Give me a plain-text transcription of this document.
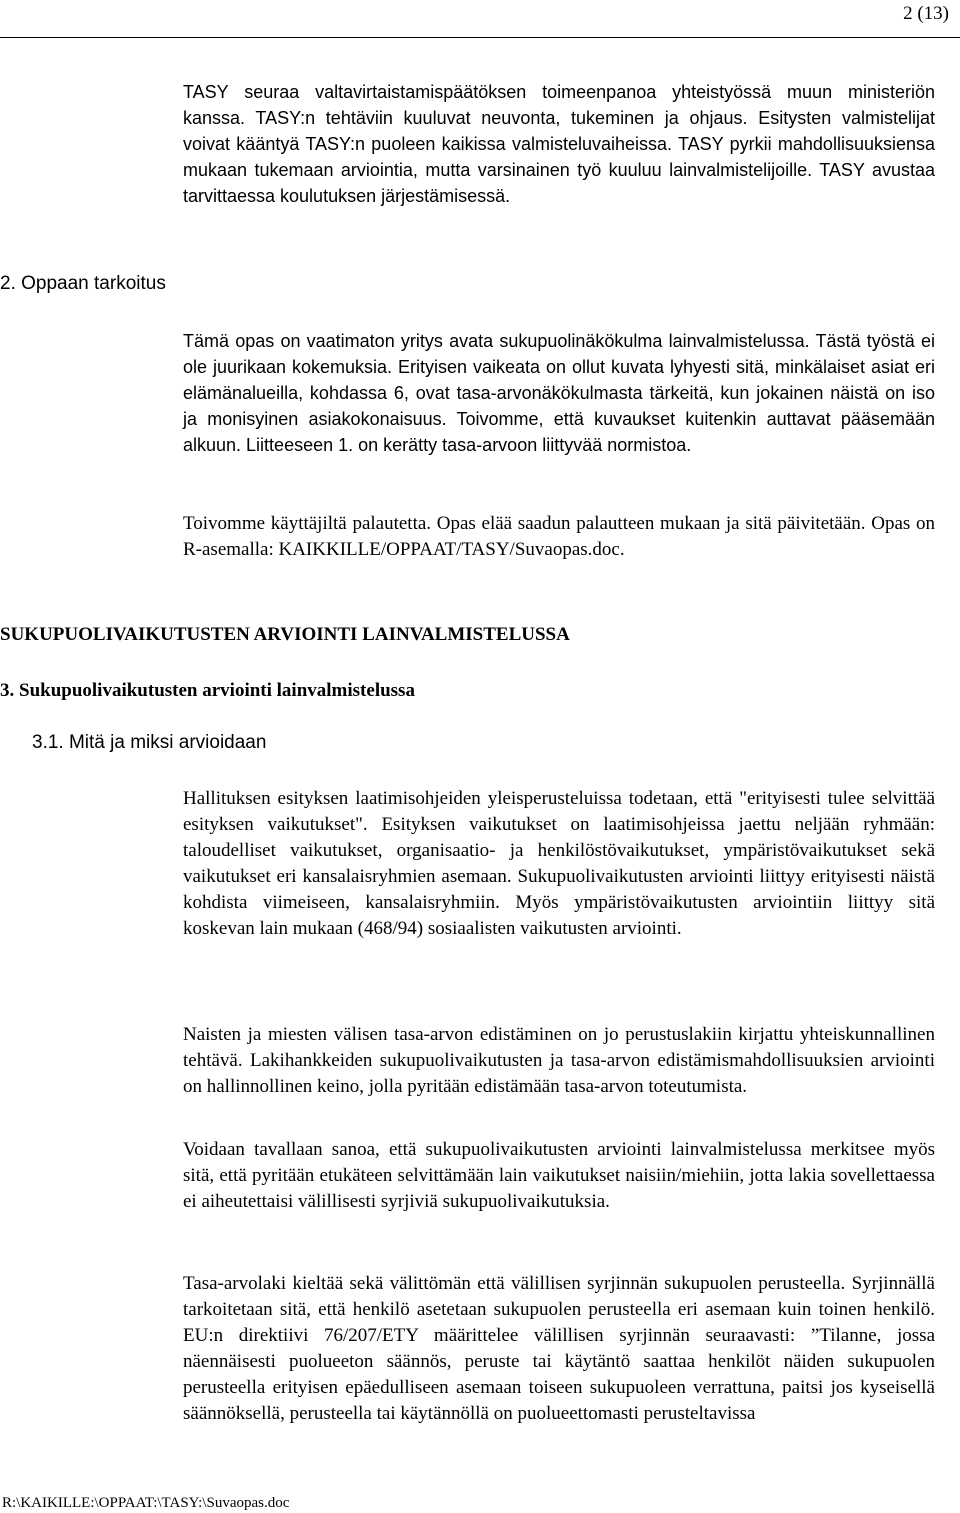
2 (13)

TASY seuraa valtavirtaistamispäätöksen toimeenpanoa yhteistyössä muun ministeriön kanssa. TASY:n tehtäviin kuuluvat neuvonta, tukeminen ja ohjaus. Esitysten valmistelijat voivat kääntyä TASY:n puoleen kaikissa valmisteluvaiheissa. TASY pyrkii mahdollisuuksiensa mukaan tukemaan arviointia, mutta varsinainen työ kuuluu lainvalmistelijoille. TASY avustaa tarvittaessa koulutuksen järjestämisessä.

2. Oppaan tarkoitus

Tämä opas on vaatimaton yritys avata sukupuolinäkökulma lainvalmistelussa. Tästä työstä ei ole juurikaan kokemuksia. Erityisen vaikeata on ollut kuvata lyhyesti sitä, minkälaiset asiat eri elämänalueilla, kohdassa 6, ovat tasa-arvonäkökulmasta tärkeitä, kun jokainen näistä on iso ja monisyinen asiakokonaisuus. Toivomme, että kuvaukset kuitenkin auttavat pääsemään alkuun. Liitteeseen 1. on kerätty tasa-arvoon liittyvää normistoa.

Toivomme käyttäjiltä palautetta. Opas elää saadun palautteen mukaan ja sitä päivitetään. Opas on R-asemalla: KAIKKILLE/OPPAAT/TASY/Suvaopas.doc.

SUKUPUOLIVAIKUTUSTEN ARVIOINTI LAINVALMISTELUSSA
3. Sukupuolivaikutusten arviointi lainvalmistelussa
3.1. Mitä ja miksi arvioidaan

Hallituksen esityksen laatimisohjeiden yleisperusteluissa todetaan, että "erityisesti tulee selvittää esityksen vaikutukset". Esityksen vaikutukset on laatimisohjeissa jaettu neljään ryhmään: taloudelliset vaikutukset, organisaatio- ja henkilöstövaikutukset, ympäristövaikutukset sekä vaikutukset eri kansalaisryhmien asemaan. Sukupuolivaikutusten arviointi liittyy erityisesti näistä kohdista viimeiseen, kansalaisryhmiin. Myös ympäristövaikutusten arviointiin liittyy sitä koskevan lain mukaan (468/94) sosiaalisten vaikutusten arviointi.

Naisten ja miesten välisen tasa-arvon edistäminen on jo perustuslakiin kirjattu yhteiskunnallinen tehtävä. Lakihankkeiden sukupuolivaikutusten ja tasa-arvon edistämismahdollisuuksien arviointi on hallinnollinen keino, jolla pyritään edistämään tasa-arvon toteutumista.

Voidaan tavallaan sanoa, että sukupuolivaikutusten arviointi lainvalmistelussa merkitsee myös sitä, että pyritään etukäteen selvittämään lain vaikutukset naisiin/miehiin, jotta lakia sovellettaessa ei aiheutettaisi välillisesti syrjiviä sukupuolivaikutuksia.

Tasa-arvolaki kieltää sekä välittömän että välillisen syrjinnän sukupuolen perusteella. Syrjinnällä tarkoitetaan sitä, että henkilö asetetaan sukupuolen perusteella eri asemaan kuin toinen henkilö. EU:n direktiivi 76/207/ETY määrittelee välillisen syrjinnän seuraavasti: ”Tilanne, jossa näennäisesti puolueeton säännös, peruste tai käytäntö saattaa henkilöt näiden sukupuolen perusteella erityisen epäedulliseen asemaan toiseen sukupuoleen verrattuna, paitsi jos kyseisellä säännöksellä, perusteella tai käytännöllä on puolueettomasti perusteltavissa

R:\KAIKILLE:\OPPAAT:\TASY:\Suvaopas.doc
